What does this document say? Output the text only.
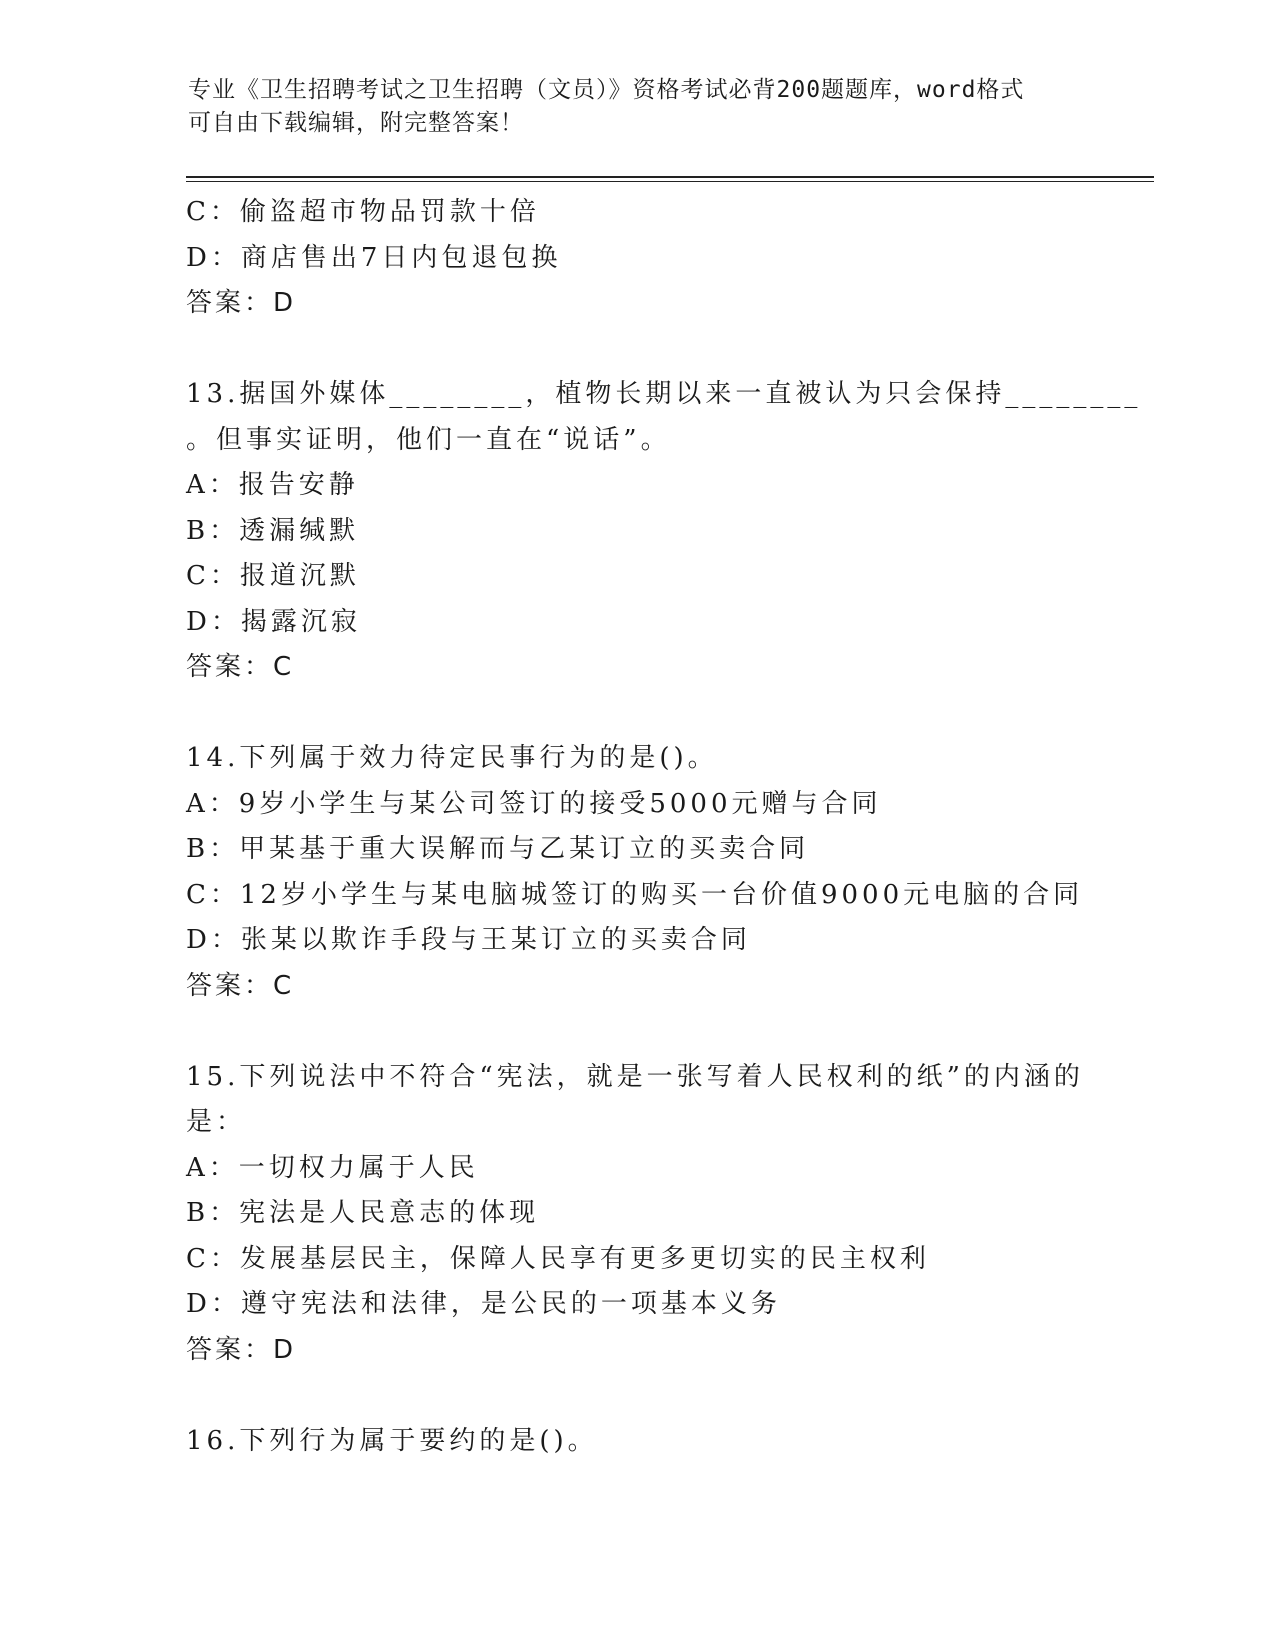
专业《卫生招聘考试之卫生招聘（文员）》资格考试必背200题题库，word格式
可自由下载编辑，附完整答案！
C：偷盗超市物品罚款十倍
D：商店售出7日内包退包换
答案：D
13.据国外媒体________，植物长期以来一直被认为只会保持________
。但事实证明，他们一直在“说话”。
A：报告安静
B：透漏缄默
C：报道沉默
D：揭露沉寂
答案：C
14.下列属于效力待定民事行为的是()。
A：9岁小学生与某公司签订的接受5000元赠与合同
B：甲某基于重大误解而与乙某订立的买卖合同
C：12岁小学生与某电脑城签订的购买一台价值9000元电脑的合同
D：张某以欺诈手段与王某订立的买卖合同
答案：C
15.下列说法中不符合“宪法，就是一张写着人民权利的纸”的内涵的
是：
A：一切权力属于人民
B：宪法是人民意志的体现
C：发展基层民主，保障人民享有更多更切实的民主权利
D：遵守宪法和法律，是公民的一项基本义务
答案：D
16.下列行为属于要约的是()。
